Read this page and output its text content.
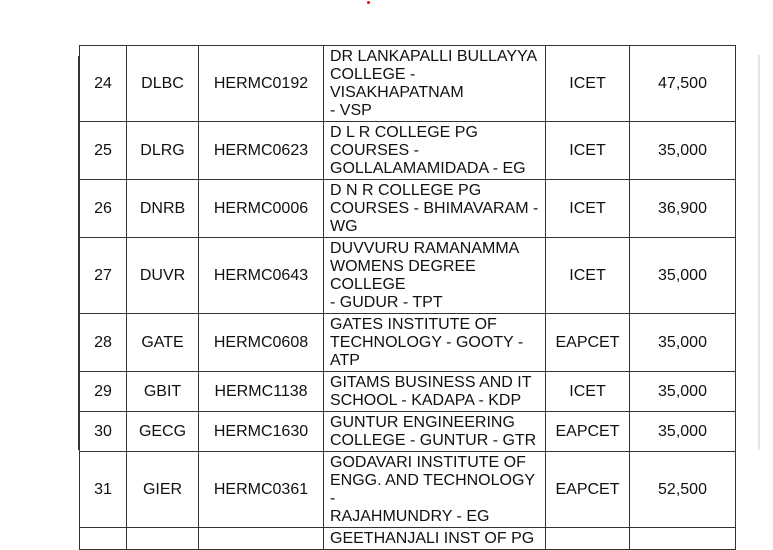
24	DLBC	HERMC0192	DR LANKAPALLI BULLAYYA
COLLEGE - VISAKHAPATNAM
- VSP	ICET	47,500
25	DLRG	HERMC0623	D L R COLLEGE PG
COURSES -
GOLLALAMAMIDADA - EG	ICET	35,000
26	DNRB	HERMC0006	D N R COLLEGE PG
COURSES - BHIMAVARAM -
WG	ICET	36,900
27	DUVR	HERMC0643	DUVVURU RAMANAMMA
WOMENS DEGREE COLLEGE
- GUDUR - TPT	ICET	35,000
28	GATE	HERMC0608	GATES INSTITUTE OF
TECHNOLOGY - GOOTY -
ATP	EAPCET	35,000
29	GBIT	HERMC1138	GITAMS BUSINESS AND IT
SCHOOL - KADAPA - KDP	ICET	35,000
30	GECG	HERMC1630	GUNTUR ENGINEERING
COLLEGE - GUNTUR - GTR	EAPCET	35,000
31	GIER	HERMC0361	GODAVARI INSTITUTE OF
ENGG. AND TECHNOLOGY -
RAJAHMUNDRY - EG	EAPCET	52,500
			GEETHANJALI INST OF PG		
